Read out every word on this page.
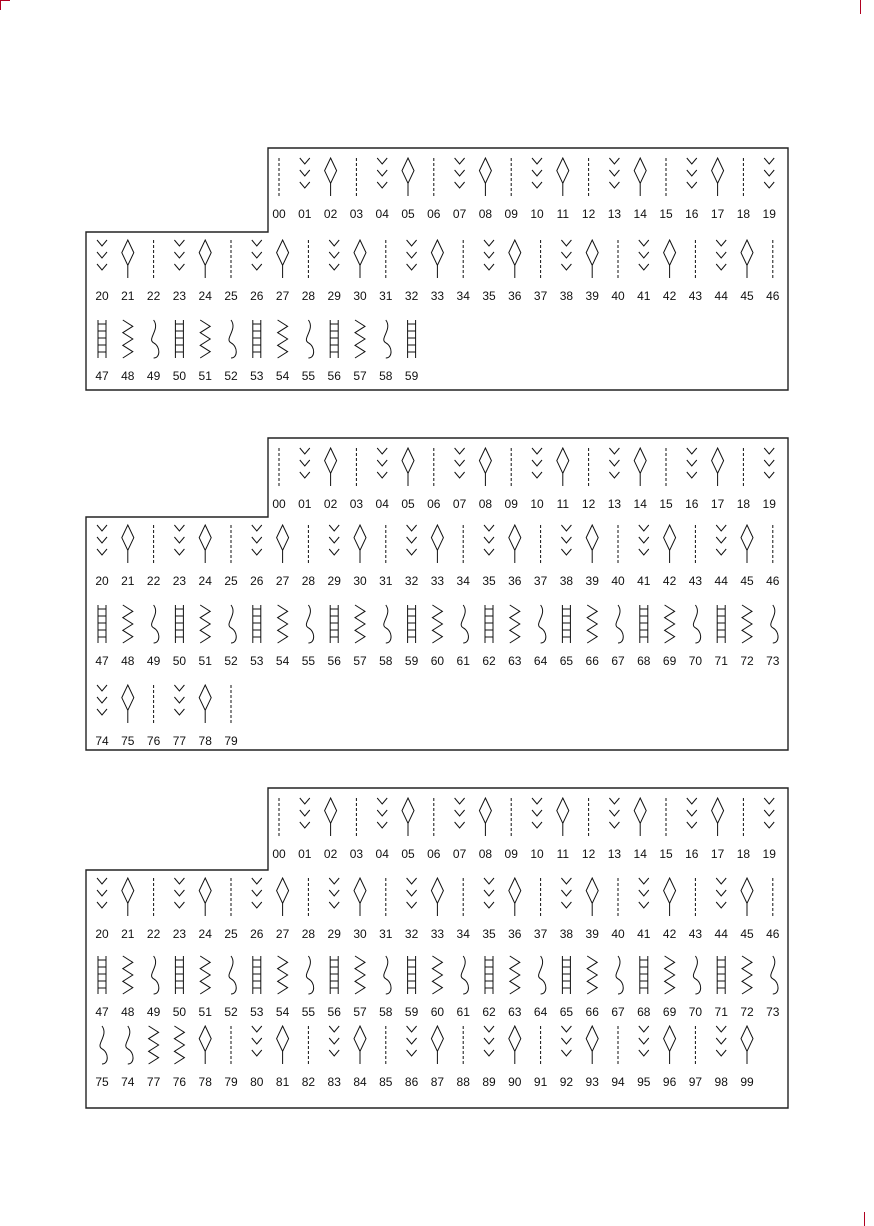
00 01 02 03 04 05 06 07 08 09 10 11 12 13 14 15 16 17 18 19
20 21 22 23 24 25 26 27 28 29 30 31 32 33 34 35 36 37 38 39 40 41 42 43 44 45 46
47 48 49 50 51 52 53 54 55 56 57 58 59
00 01 02 03 04 05 06 07 08 09 10 11 12 13 14 15 16 17 18 19
20 21 22 23 24 25 26 27 28 29 30 31 32 33 34 35 36 37 38 39 40 41 42 43 44 45 46
47 48 49 50 51 52 53 54 55 56 57 58 59 60 61 62 63 64 65 66 67 68 69 70 71 72 73
74 75 76 77 78 79
00 01 02 03 04 05 06 07 08 09 10 11 12 13 14 15 16 17 18 19
20 21 22 23 24 25 26 27 28 29 30 31 32 33 34 35 36 37 38 39 40 41 42 43 44 45 46
47 48 49 50 51 52 53 54 55 56 57 58 59 60 61 62 63 64 65 66 67 68 69 70 71 72 73
75 74 77 76 78 79 80 81 82 83 84 85 86 87 88 89 90 91 92 93 94 95 96 97 98 99
